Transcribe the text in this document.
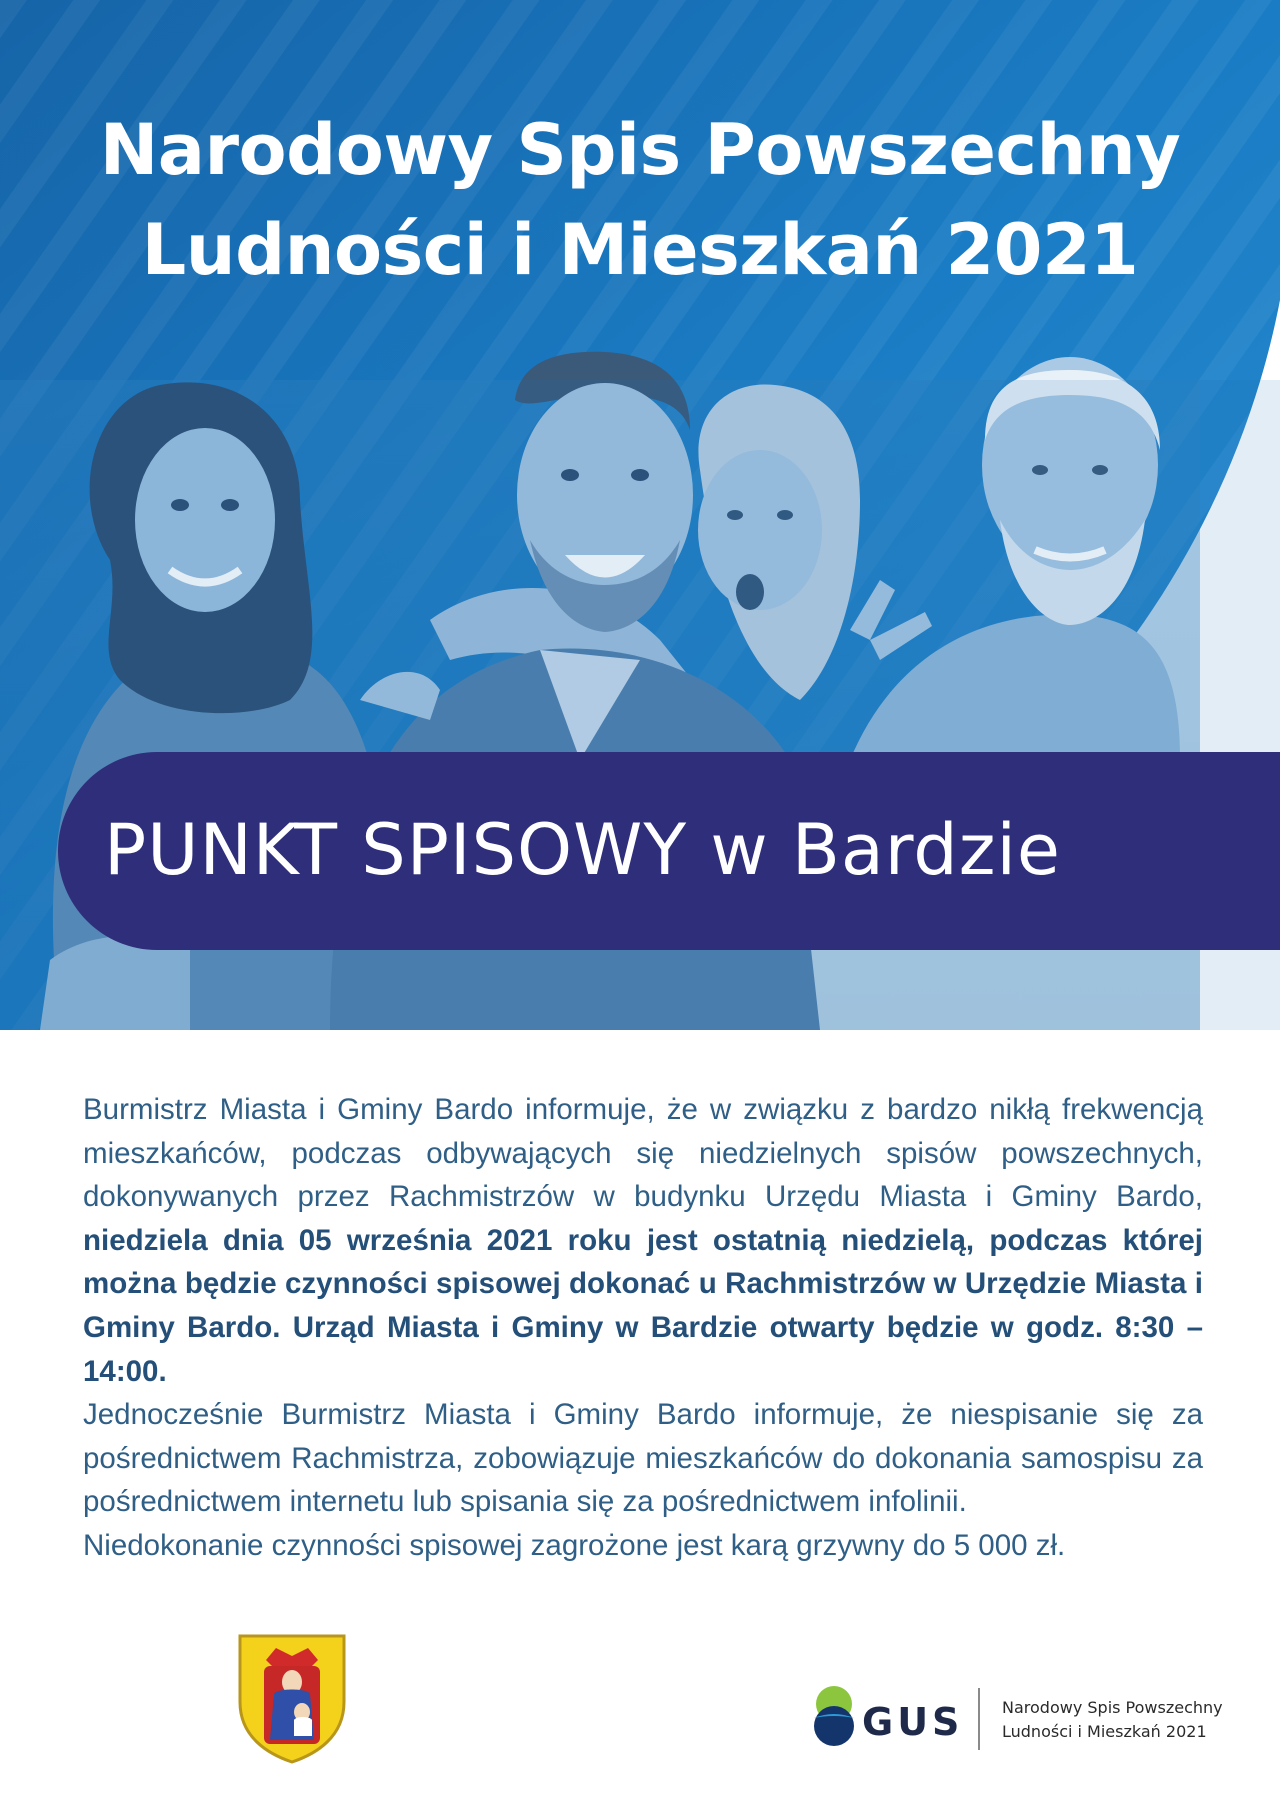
Narodowy Spis Powszechny
Ludności i Mieszkań 2021
PUNKT SPISOWY w Bardzie

Burmistrz Miasta i Gminy Bardo informuje, że w związku z bardzo nikłą frekwencją mieszkańców, podczas odbywających się niedzielnych spisów powszechnych, dokonywanych przez Rachmistrzów w budynku Urzędu Miasta i Gminy Bardo, niedziela dnia 05 września 2021 roku jest ostatnią niedzielą, podczas której można będzie czynności spisowej dokonać u Rachmistrzów w Urzędzie Miasta i Gminy Bardo. Urząd Miasta i Gminy w Bardzie otwarty będzie w godz. 8:30 – 14:00.

Jednocześnie Burmistrz Miasta i Gminy Bardo informuje, że niespisanie się za pośrednictwem Rachmistrza, zobowiązuje mieszkańców do dokonania samospisu za pośrednictwem internetu lub spisania się za pośrednictwem infolinii.

Niedokonanie czynności spisowej zagrożone jest karą grzywny do 5 000 zł.

GUS Narodowy Spis Powszechny
Ludności i Mieszkań 2021
